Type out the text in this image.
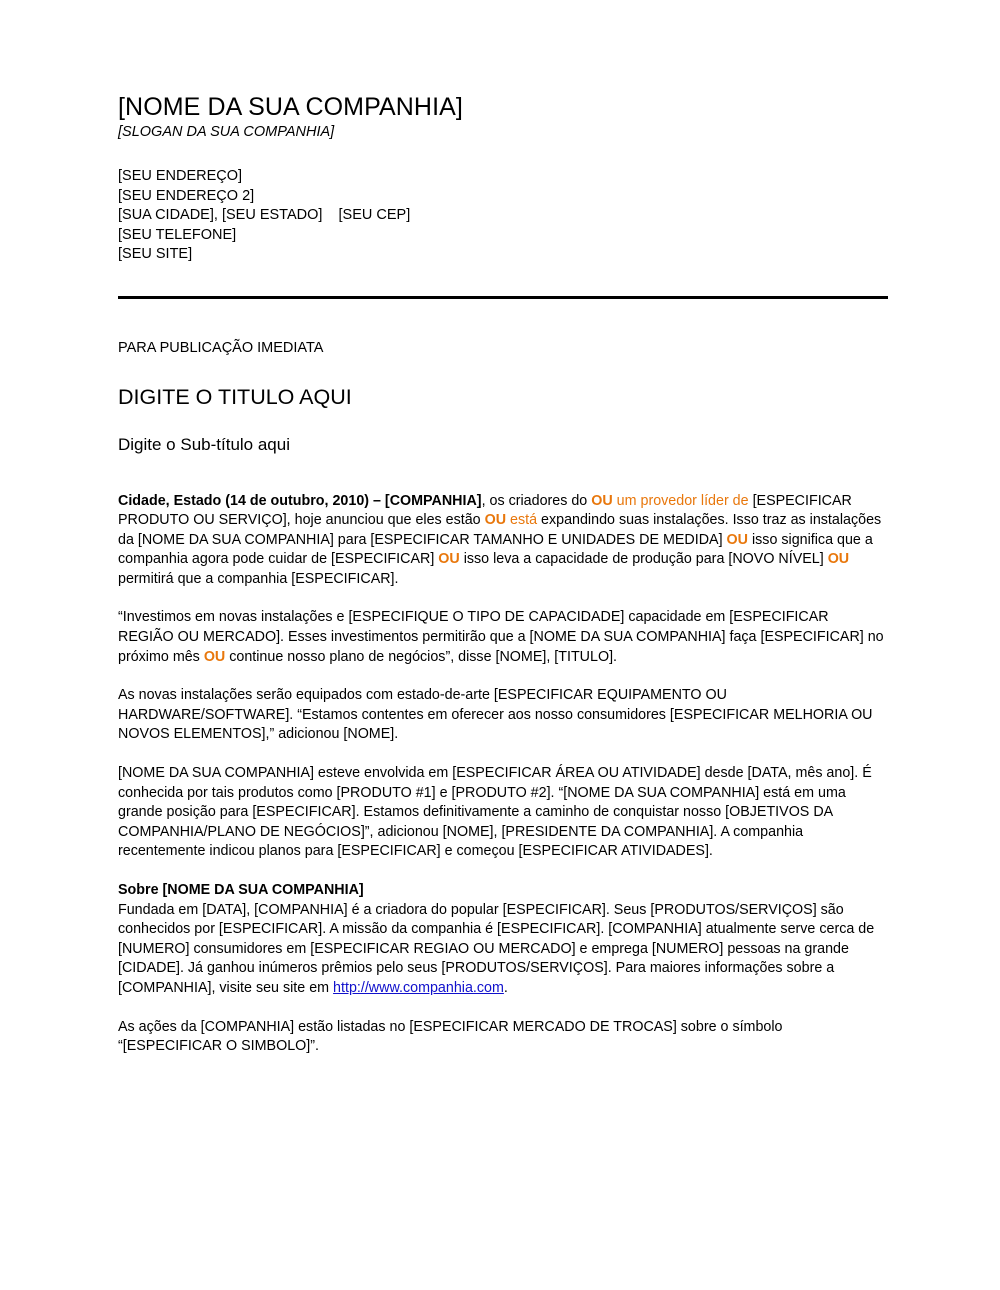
[NOME DA SUA COMPANHIA]
[SLOGAN DA SUA COMPANHIA]
[SEU ENDEREÇO]
[SEU ENDEREÇO 2]
[SUA CIDADE], [SEU ESTADO]    [SEU CEP]
[SEU TELEFONE]
[SEU SITE]
PARA PUBLICAÇÃO IMEDIATA
DIGITE O TITULO AQUI
Digite o Sub-título aqui

Cidade, Estado (14 de outubro, 2010) – [COMPANHIA], os criadores do OU um provedor líder de [ESPECIFICAR PRODUTO OU SERVIÇO], hoje anunciou que eles estão OU está expandindo suas instalações. Isso traz as instalações da [NOME DA SUA COMPANHIA] para [ESPECIFICAR TAMANHO E UNIDADES DE MEDIDA] OU isso significa que a companhia agora pode cuidar de [ESPECIFICAR] OU isso leva a capacidade de produção para [NOVO NÍVEL] OU permitirá que a companhia [ESPECIFICAR].

“Investimos em novas instalações e [ESPECIFIQUE O TIPO DE CAPACIDADE] capacidade em [ESPECIFICAR REGIÃO OU MERCADO]. Esses investimentos permitirão que a [NOME DA SUA COMPANHIA] faça [ESPECIFICAR] no próximo mês OU continue nosso plano de negócios”, disse [NOME], [TITULO].

As novas instalações serão equipados com estado-de-arte [ESPECIFICAR EQUIPAMENTO OU HARDWARE/SOFTWARE]. “Estamos contentes em oferecer aos nosso consumidores [ESPECIFICAR MELHORIA OU NOVOS ELEMENTOS],” adicionou [NOME].

[NOME DA SUA COMPANHIA] esteve envolvida em [ESPECIFICAR ÁREA OU ATIVIDADE] desde [DATA, mês ano]. É conhecida por tais produtos como [PRODUTO #1] e [PRODUTO #2]. “[NOME DA SUA COMPANHIA] está em uma grande posição para [ESPECIFICAR]. Estamos definitivamente a caminho de conquistar nosso [OBJETIVOS DA COMPANHIA/PLANO DE NEGÓCIOS]”, adicionou [NOME], [PRESIDENTE DA COMPANHIA]. A companhia recentemente indicou planos para [ESPECIFICAR] e começou [ESPECIFICAR ATIVIDADES].

Sobre [NOME DA SUA COMPANHIA]
Fundada em [DATA], [COMPANHIA] é a criadora do popular [ESPECIFICAR]. Seus [PRODUTOS/SERVIÇOS] são conhecidos por [ESPECIFICAR]. A missão da companhia é [ESPECIFICAR]. [COMPANHIA] atualmente serve cerca de [NUMERO] consumidores em [ESPECIFICAR REGIAO OU MERCADO] e emprega [NUMERO] pessoas na grande [CIDADE]. Já ganhou inúmeros prêmios pelo seus [PRODUTOS/SERVIÇOS]. Para maiores informações sobre a [COMPANHIA], visite seu site em http://www.companhia.com.

As ações da [COMPANHIA] estão listadas no [ESPECIFICAR MERCADO DE TROCAS] sobre o símbolo “[ESPECIFICAR O SIMBOLO]”.
